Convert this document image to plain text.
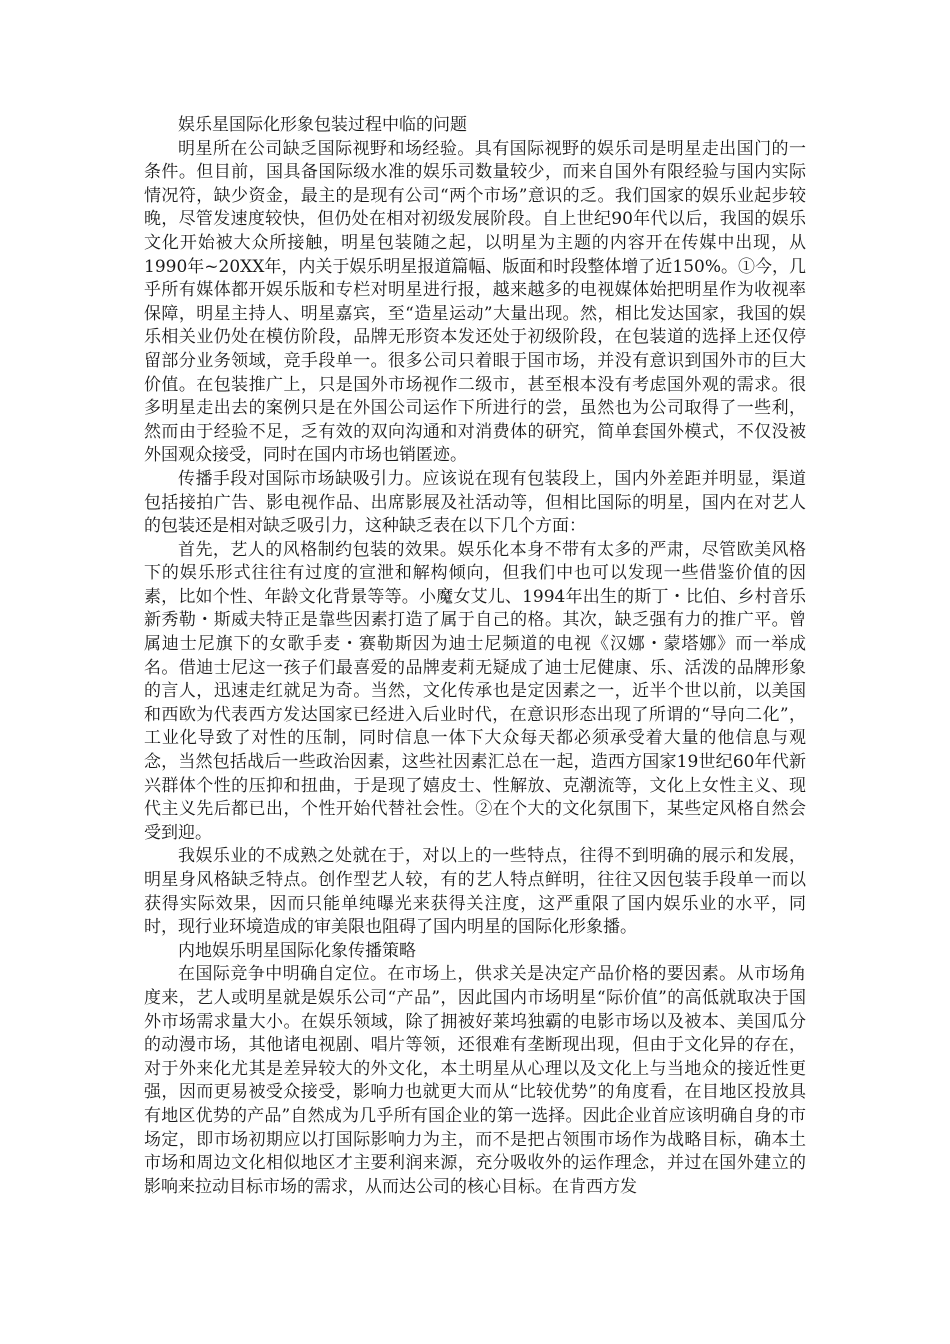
娱乐星国际化形象包装过程中临的问题

明星所在公司缺乏国际视野和场经验。具有国际视野的娱乐司是明星走出国门的一条件。但目前，国具备国际级水准的娱乐司数量较少，而来自国外有限经验与国内实际情况符，缺少资金，最主的是现有公司“两个市场”意识的乏。我们国家的娱乐业起步较晚，尽管发速度较快，但仍处在相对初级发展阶段。自上世纪90年代以后，我国的娱乐文化开始被大众所接触，明星包装随之起，以明星为主题的内容开在传媒中出现，从1990年~20XX年，内关于娱乐明星报道篇幅、版面和时段整体增了近150%。①今，几乎所有媒体都开娱乐版和专栏对明星进行报，越来越多的电视媒体始把明星作为收视率保障，明星主持人、明星嘉宾，至“造星运动”大量出现。然，相比发达国家，我国的娱乐相关业仍处在模仿阶段，品牌无形资本发还处于初级阶段，在包装道的选择上还仅停留部分业务领域，竞手段单一。很多公司只着眼于国市场，并没有意识到国外市的巨大价值。在包装推广上，只是国外市场视作二级市，甚至根本没有考虑国外观的需求。很多明星走出去的案例只是在外国公司运作下所进行的尝，虽然也为公司取得了一些利，然而由于经验不足，乏有效的双向沟通和对消费体的研究，简单套国外模式，不仅没被外国观众接受，同时在国内市场也销匿迹。

传播手段对国际市场缺吸引力。应该说在现有包装段上，国内外差距并明显，渠道包括接拍广告、影电视作品、出席影展及社活动等，但相比国际的明星，国内在对艺人的包装还是相对缺乏吸引力，这种缺乏表在以下几个方面：

首先，艺人的风格制约包装的效果。娱乐化本身不带有太多的严肃，尽管欧美风格下的娱乐形式往往有过度的宣泄和解构倾向，但我们中也可以发现一些借鉴价值的因素，比如个性、年龄文化背景等等。小魔女艾儿、1994年出生的斯丁・比伯、乡村音乐新秀勒・斯威夫特正是靠些因素打造了属于自己的格。其次，缺乏强有力的推广平。曾属迪士尼旗下的女歌手麦・赛勒斯因为迪士尼频道的电视《汉娜・蒙塔娜》而一举成名。借迪士尼这一孩子们最喜爱的品牌麦莉无疑成了迪士尼健康、乐、活泼的品牌形象的言人，迅速走红就足为奇。当然，文化传承也是定因素之一，近半个世以前，以美国和西欧为代表西方发达国家已经进入后业时代，在意识形态出现了所谓的“导向二化”，工业化导致了对性的压制，同时信息一体下大众每天都必须承受着大量的他信息与观念，当然包括战后一些政治因素，这些社因素汇总在一起，造西方国家19世纪60年代新兴群体个性的压抑和扭曲，于是现了嬉皮士、性解放、克潮流等，文化上女性主义、现代主义先后都已出，个性开始代替社会性。②在个大的文化氛围下，某些定风格自然会受到迎。

我娱乐业的不成熟之处就在于，对以上的一些特点，往得不到明确的展示和发展，明星身风格缺乏特点。创作型艺人较，有的艺人特点鲜明，往往又因包装手段单一而以获得实际效果，因而只能单纯曝光来获得关注度，这严重限了国内娱乐业的水平，同时，现行业环境造成的审美限也阻碍了国内明星的国际化形象播。

内地娱乐明星国际化象传播策略

在国际竞争中明确自定位。在市场上，供求关是决定产品价格的要因素。从市场角度来，艺人或明星就是娱乐公司“产品”，因此国内市场明星“际价值”的高低就取决于国外市场需求量大小。在娱乐领域，除了拥被好莱坞独霸的电影市场以及被本、美国瓜分的动漫市场，其他诸电视剧、唱片等领，还很难有垄断现出现，但由于文化异的存在，对于外来化尤其是差异较大的外文化，本土明星从心理以及文化上与当地众的接近性更强，因而更易被受众接受，影响力也就更大而从“比较优势”的角度看，在目地区投放具有地区优势的产品”自然成为几乎所有国企业的第一选择。因此企业首应该明确自身的市场定，即市场初期应以打国际影响力为主，而不是把占领围市场作为战略目标，确本土市场和周边文化相似地区才主要利润来源，充分吸收外的运作理念，并过在国外建立的影响来拉动目标市场的需求，从而达公司的核心目标。在肯西方发
